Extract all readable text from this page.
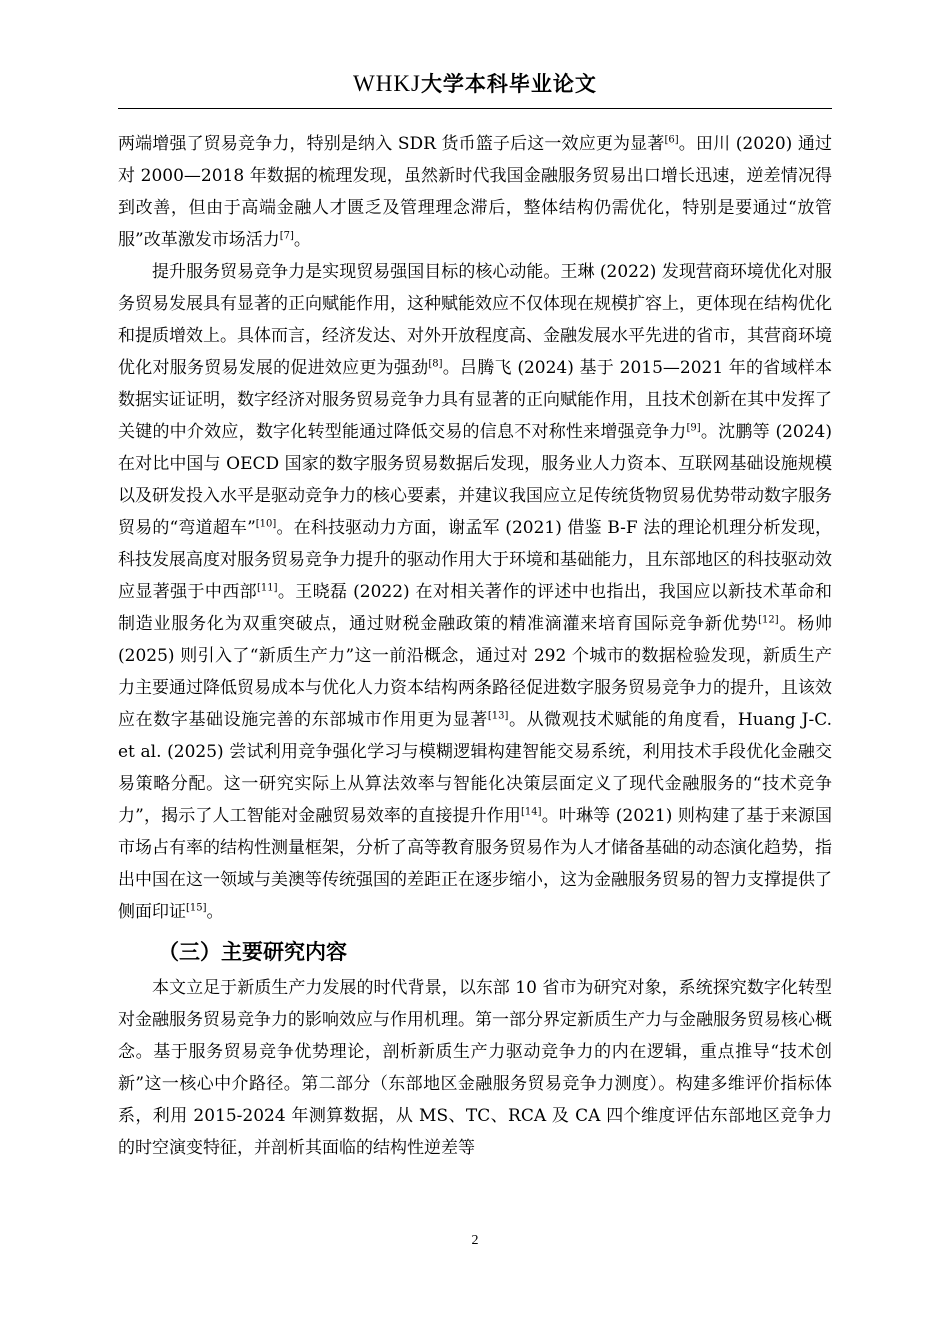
WHKJ大学本科毕业论文

两端增强了贸易竞争力，特别是纳入 SDR 货币篮子后这一效应更为显著[6]。田川 (2020) 通过对 2000—2018 年数据的梳理发现，虽然新时代我国金融服务贸易出口增长迅速，逆差情况得到改善，但由于高端金融人才匮乏及管理理念滞后，整体结构仍需优化，特别是要通过“放管服”改革激发市场活力[7]。

提升服务贸易竞争力是实现贸易强国目标的核心动能。王琳 (2022) 发现营商环境优化对服务贸易发展具有显著的正向赋能作用，这种赋能效应不仅体现在规模扩容上，更体现在结构优化和提质增效上。具体而言，经济发达、对外开放程度高、金融发展水平先进的省市，其营商环境优化对服务贸易发展的促进效应更为强劲[8]。吕腾飞 (2024) 基于 2015—2021 年的省域样本数据实证证明，数字经济对服务贸易竞争力具有显著的正向赋能作用，且技术创新在其中发挥了关键的中介效应，数字化转型能通过降低交易的信息不对称性来增强竞争力[9]。沈鹏等 (2024) 在对比中国与 OECD 国家的数字服务贸易数据后发现，服务业人力资本、互联网基础设施规模以及研发投入水平是驱动竞争力的核心要素，并建议我国应立足传统货物贸易优势带动数字服务贸易的“弯道超车”[10]。在科技驱动力方面，谢孟军 (2021) 借鉴 B-F 法的理论机理分析发现，科技发展高度对服务贸易竞争力提升的驱动作用大于环境和基础能力，且东部地区的科技驱动效应显著强于中西部[11]。王晓磊 (2022) 在对相关著作的评述中也指出，我国应以新技术革命和制造业服务化为双重突破点，通过财税金融政策的精准滴灌来培育国际竞争新优势[12]。杨帅 (2025) 则引入了“新质生产力”这一前沿概念，通过对 292 个城市的数据检验发现，新质生产力主要通过降低贸易成本与优化人力资本结构两条路径促进数字服务贸易竞争力的提升，且该效应在数字基础设施完善的东部城市作用更为显著[13]。从微观技术赋能的角度看，Huang J-C. et al. (2025) 尝试利用竞争强化学习与模糊逻辑构建智能交易系统，利用技术手段优化金融交易策略分配。这一研究实际上从算法效率与智能化决策层面定义了现代金融服务的“技术竞争力”，揭示了人工智能对金融贸易效率的直接提升作用[14]。叶琳等 (2021) 则构建了基于来源国市场占有率的结构性测量框架，分析了高等教育服务贸易作为人才储备基础的动态演化趋势，指出中国在这一领域与美澳等传统强国的差距正在逐步缩小，这为金融服务贸易的智力支撑提供了侧面印证[15]。

（三）主要研究内容

本文立足于新质生产力发展的时代背景，以东部 10 省市为研究对象，系统探究数字化转型对金融服务贸易竞争力的影响效应与作用机理。第一部分界定新质生产力与金融服务贸易核心概念。基于服务贸易竞争优势理论，剖析新质生产力驱动竞争力的内在逻辑，重点推导“技术创新”这一核心中介路径。第二部分（东部地区金融服务贸易竞争力测度）。构建多维评价指标体系，利用 2015-2024 年测算数据，从 MS、TC、RCA 及 CA 四个维度评估东部地区竞争力的时空演变特征，并剖析其面临的结构性逆差等

2
